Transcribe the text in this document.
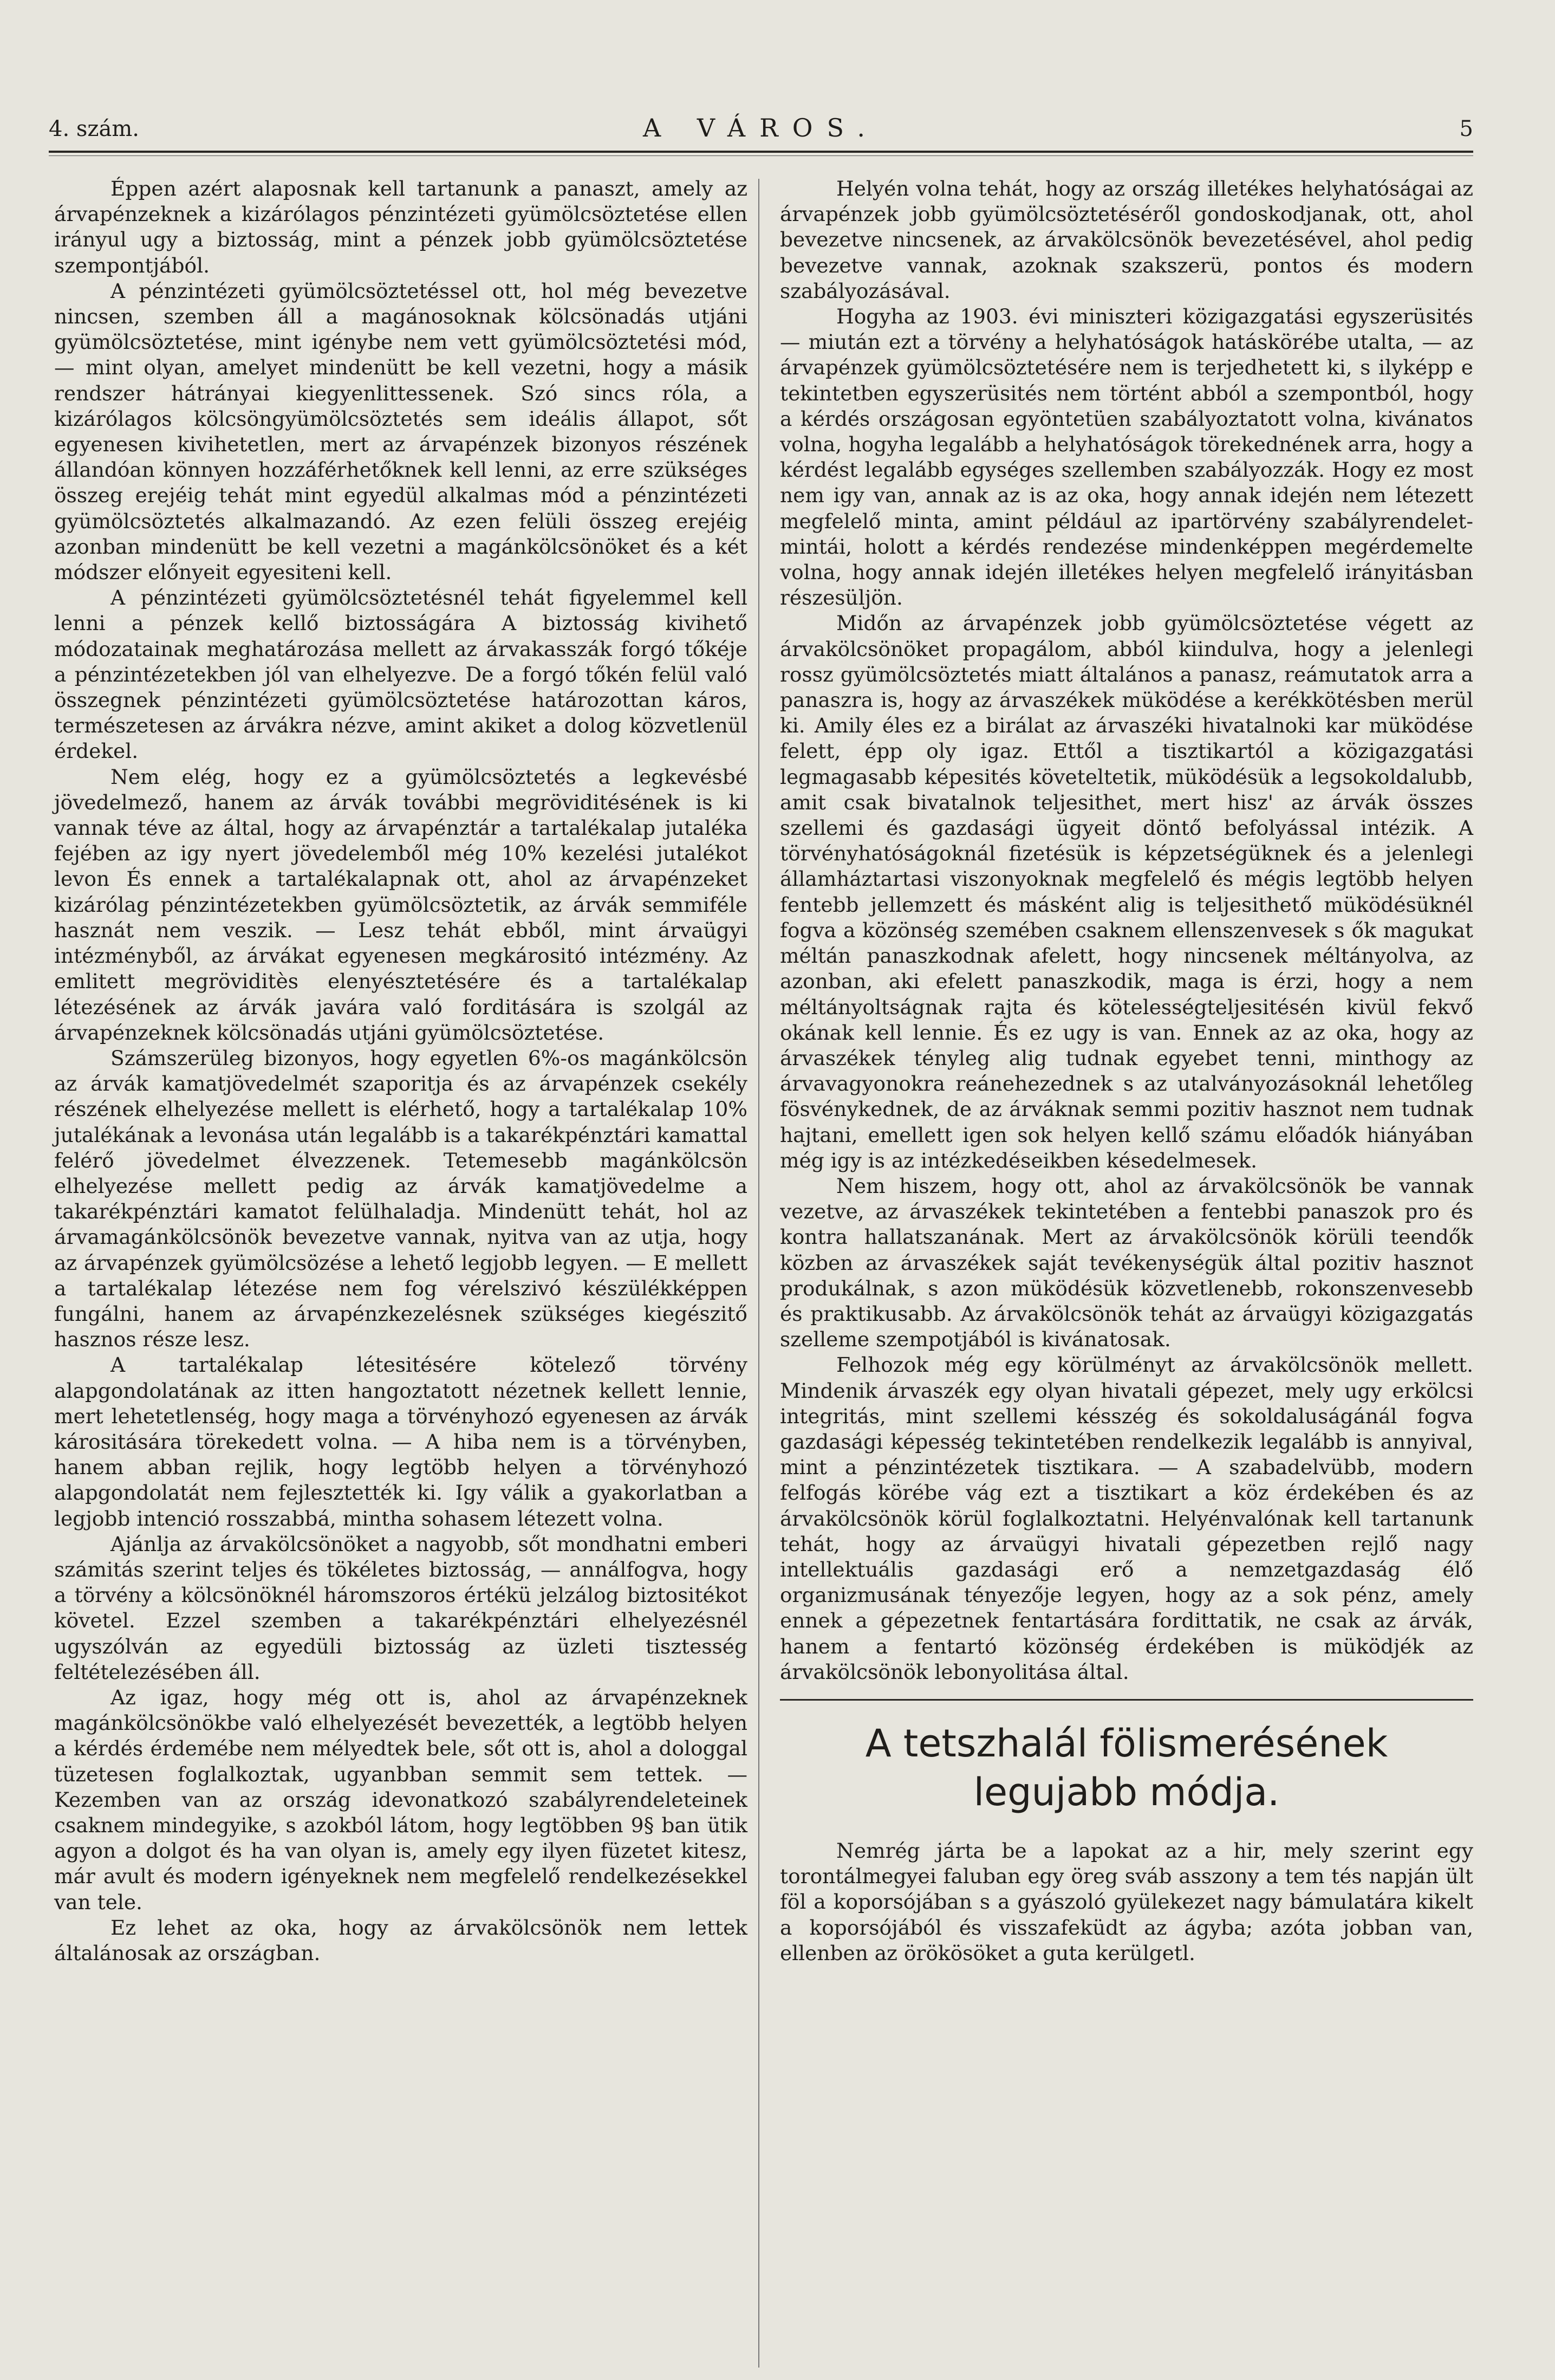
4. szám.	A VÁROS.	5

Éppen azért alaposnak kell tartanunk a panaszt, amely az árvapénzeknek a kizárólagos pénzintézeti gyümölcsöztetése ellen irányul ugy a biztosság, mint a pénzek jobb gyümölcsöztetése szempontjából.

A pénzintézeti gyümölcsöztetéssel ott, hol még bevezetve nincsen, szemben áll a magánosoknak kölcsönadás utjáni gyümölcsöztetése, mint igénybe nem vett gyümölcsöztetési mód, — mint olyan, amelyet mindenütt be kell vezetni, hogy a másik rendszer hátrányai kiegyenlittessenek. Szó sincs róla, a kizárólagos kölcsöngyümölcsöztetés sem ideális állapot, sőt egyenesen kivihetetlen, mert az árvapénzek bizonyos részének állandóan könnyen hozzáférhetőknek kell lenni, az erre szükséges összeg erejéig tehát mint egyedül alkalmas mód a pénzintézeti gyümölcsöztetés alkalmazandó. Az ezen felüli összeg erejéig azonban mindenütt be kell vezetni a magánkölcsönöket és a két módszer előnyeit egyesiteni kell.

A pénzintézeti gyümölcsöztetésnél tehát figyelemmel kell lenni a pénzek kellő biztosságára A biztosság kivihető módozatainak meghatározása mellett az árvakasszák forgó tőkéje a pénzintézetekben jól van elhelyezve. De a forgó tőkén felül való összegnek pénzintézeti gyümölcsöztetése határozottan káros, természetesen az árvákra nézve, amint akiket a dolog közvetlenül érdekel.

Nem elég, hogy ez a gyümölcsöztetés a legkevésbé jövedelmező, hanem az árvák további megröviditésének is ki vannak téve az által, hogy az árvapénztár a tartalékalap jutaléka fejében az igy nyert jövedelemből még 10% kezelési jutalékot levon És ennek a tartalékalapnak ott, ahol az árvapénzeket kizárólag pénzintézetekben gyümölcsöztetik, az árvák semmiféle hasznát nem veszik. — Lesz tehát ebből, mint árvaügyi intézményből, az árvákat egyenesen megkárositó intézmény. Az emlitett megröviditès elenyésztetésére és a tartalékalap létezésének az árvák javára való forditására is szolgál az árvapénzeknek kölcsönadás utjáni gyümölcsöztetése.

Számszerüleg bizonyos, hogy egyetlen 6%-os magánkölcsön az árvák kamatjövedelmét szaporitja és az árvapénzek csekély részének elhelyezése mellett is elérhető, hogy a tartalékalap 10% jutalékának a levonása után legalább is a takarékpénztári kamattal felérő jövedelmet élvezzenek. Tetemesebb magánkölcsön elhelyezése mellett pedig az árvák kamatjövedelme a takarékpénztári kamatot felülhaladja. Mindenütt tehát, hol az árvamagánkölcsönök bevezetve vannak, nyitva van az utja, hogy az árvapénzek gyümölcsözése a lehető legjobb legyen. — E mellett a tartalékalap létezése nem fog vérelszivó készülékképpen fungálni, hanem az árvapénzkezelésnek szükséges kiegészitő hasznos része lesz.

A tartalékalap létesitésére kötelező törvény alapgondolatának az itten hangoztatott nézetnek kellett lennie, mert lehetetlenség, hogy maga a törvényhozó egyenesen az árvák kárositására törekedett volna. — A hiba nem is a törvényben, hanem abban rejlik, hogy legtöbb helyen a törvényhozó alapgondolatát nem fejlesztették ki. Igy válik a gyakorlatban a legjobb intenció rosszabbá, mintha sohasem létezett volna.

Ajánlja az árvakölcsönöket a nagyobb, sőt mondhatni emberi számitás szerint teljes és tökéletes biztosság, — annálfogva, hogy a törvény a kölcsönöknél háromszoros értékü jelzálog biztositékot követel. Ezzel szemben a takarékpénztári elhelyezésnél ugyszólván az egyedüli biztosság az üzleti tisztesség feltételezésében áll.

Az igaz, hogy még ott is, ahol az árvapénzeknek magánkölcsönökbe való elhelyezését bevezették, a legtöbb helyen a kérdés érdemébe nem mélyedtek bele, sőt ott is, ahol a dologgal tüzetesen foglalkoztak, ugyanbban semmit sem tettek. — Kezemben van az ország idevonatkozó szabályrendeleteinek csaknem mindegyike, s azokból látom, hogy legtöbben 9§ ban ütik agyon a dolgot és ha van olyan is, amely egy ilyen füzetet kitesz, már avult és modern igényeknek nem megfelelő rendelkezésekkel van tele.

Ez lehet az oka, hogy az árvakölcsönök nem lettek általánosak az országban.

Helyén volna tehát, hogy az ország illetékes helyhatóságai az árvapénzek jobb gyümölcsöztetéséről gondoskodjanak, ott, ahol bevezetve nincsenek, az árvakölcsönök bevezetésével, ahol pedig bevezetve vannak, azoknak szakszerü, pontos és modern szabályozásával.

Hogyha az 1903. évi miniszteri közigazgatási egyszerüsités — miután ezt a törvény a helyhatóságok hatáskörébe utalta, — az árvapénzek gyümölcsöztetésére nem is terjedhetett ki, s ilyképp e tekintetben egyszerüsités nem történt abból a szempontból, hogy a kérdés országosan egyöntetüen szabályoztatott volna, kivánatos volna, hogyha legalább a helyhatóságok törekednének arra, hogy a kérdést legalább egységes szellemben szabályozzák. Hogy ez most nem igy van, annak az is az oka, hogy annak idején nem létezett megfelelő minta, amint például az ipartörvény szabályrendelet-mintái, holott a kérdés rendezése mindenképpen megérdemelte volna, hogy annak idején illetékes helyen megfelelő irányitásban részesüljön.

Midőn az árvapénzek jobb gyümölcsöztetése végett az árvakölcsönöket propagálom, abból kiindulva, hogy a jelenlegi rossz gyümölcsöztetés miatt általános a panasz, reámutatok arra a panaszra is, hogy az árvaszékek müködése a kerékkötésben merül ki. Amily éles ez a birálat az árvaszéki hivatalnoki kar müködése felett, épp oly igaz. Ettől a tisztikartól a közigazgatási legmagasabb képesités követeltetik, müködésük a legsokoldalubb, amit csak bivatalnok teljesithet, mert hisz' az árvák összes szellemi és gazdasági ügyeit döntő befolyással intézik. A törvényhatóságoknál fizetésük is képzetségüknek és a jelenlegi államháztartasi viszonyoknak megfelelő és mégis legtöbb helyen fentebb jellemzett és másként alig is teljesithető müködésüknél fogva a közönség szemében csaknem ellenszenvesek s ők magukat méltán panaszkodnak afelett, hogy nincsenek méltányolva, az azonban, aki efelett panaszkodik, maga is érzi, hogy a nem méltányoltságnak rajta és kötelességteljesitésén kivül fekvő okának kell lennie. És ez ugy is van. Ennek az az oka, hogy az árvaszékek tényleg alig tudnak egyebet tenni, minthogy az árvavagyonokra reánehezednek s az utalványozásoknál lehetőleg fösvénykednek, de az árváknak semmi pozitiv hasznot nem tudnak hajtani, emellett igen sok helyen kellő számu előadók hiányában még igy is az intézkedéseikben késedelmesek.

Nem hiszem, hogy ott, ahol az árvakölcsönök be vannak vezetve, az árvaszékek tekintetében a fentebbi panaszok pro és kontra hallatszanának. Mert az árvakölcsönök körüli teendők közben az árvaszékek saját tevékenységük által pozitiv hasznot produkálnak, s azon müködésük közvetlenebb, rokonszenvesebb és praktikusabb. Az árvakölcsönök tehát az árvaügyi közigazgatás szelleme szempotjából is kivánatosak.

Felhozok még egy körülményt az árvakölcsönök mellett. Mindenik árvaszék egy olyan hivatali gépezet, mely ugy erkölcsi integritás, mint szellemi késszég és sokoldaluságánál fogva gazdasági képesség tekintetében rendelkezik legalább is annyival, mint a pénzintézetek tisztikara. — A szabadelvübb, modern felfogás körébe vág ezt a tisztikart a köz érdekében és az árvakölcsönök körül foglalkoztatni. Helyénvalónak kell tartanunk tehát, hogy az árvaügyi hivatali gépezetben rejlő nagy intellektuális gazdasági erő a nemzetgazdaság élő organizmusának tényezője legyen, hogy az a sok pénz, amely ennek a gépezetnek fentartására fordittatik, ne csak az árvák, hanem a fentartó közönség érdekében is müködjék az árvakölcsönök lebonyolitása által.

A tetszhalál fölismerésének legujabb módja.

Nemrég járta be a lapokat az a hir, mely szerint egy torontálmegyei faluban egy öreg sváb asszony a tem tés napján ült föl a koporsójában s a gyászoló gyülekezet nagy bámulatára kikelt a koporsójából és visszafeküdt az ágyba; azóta jobban van, ellenben az örökösöket a guta kerülgetl.
